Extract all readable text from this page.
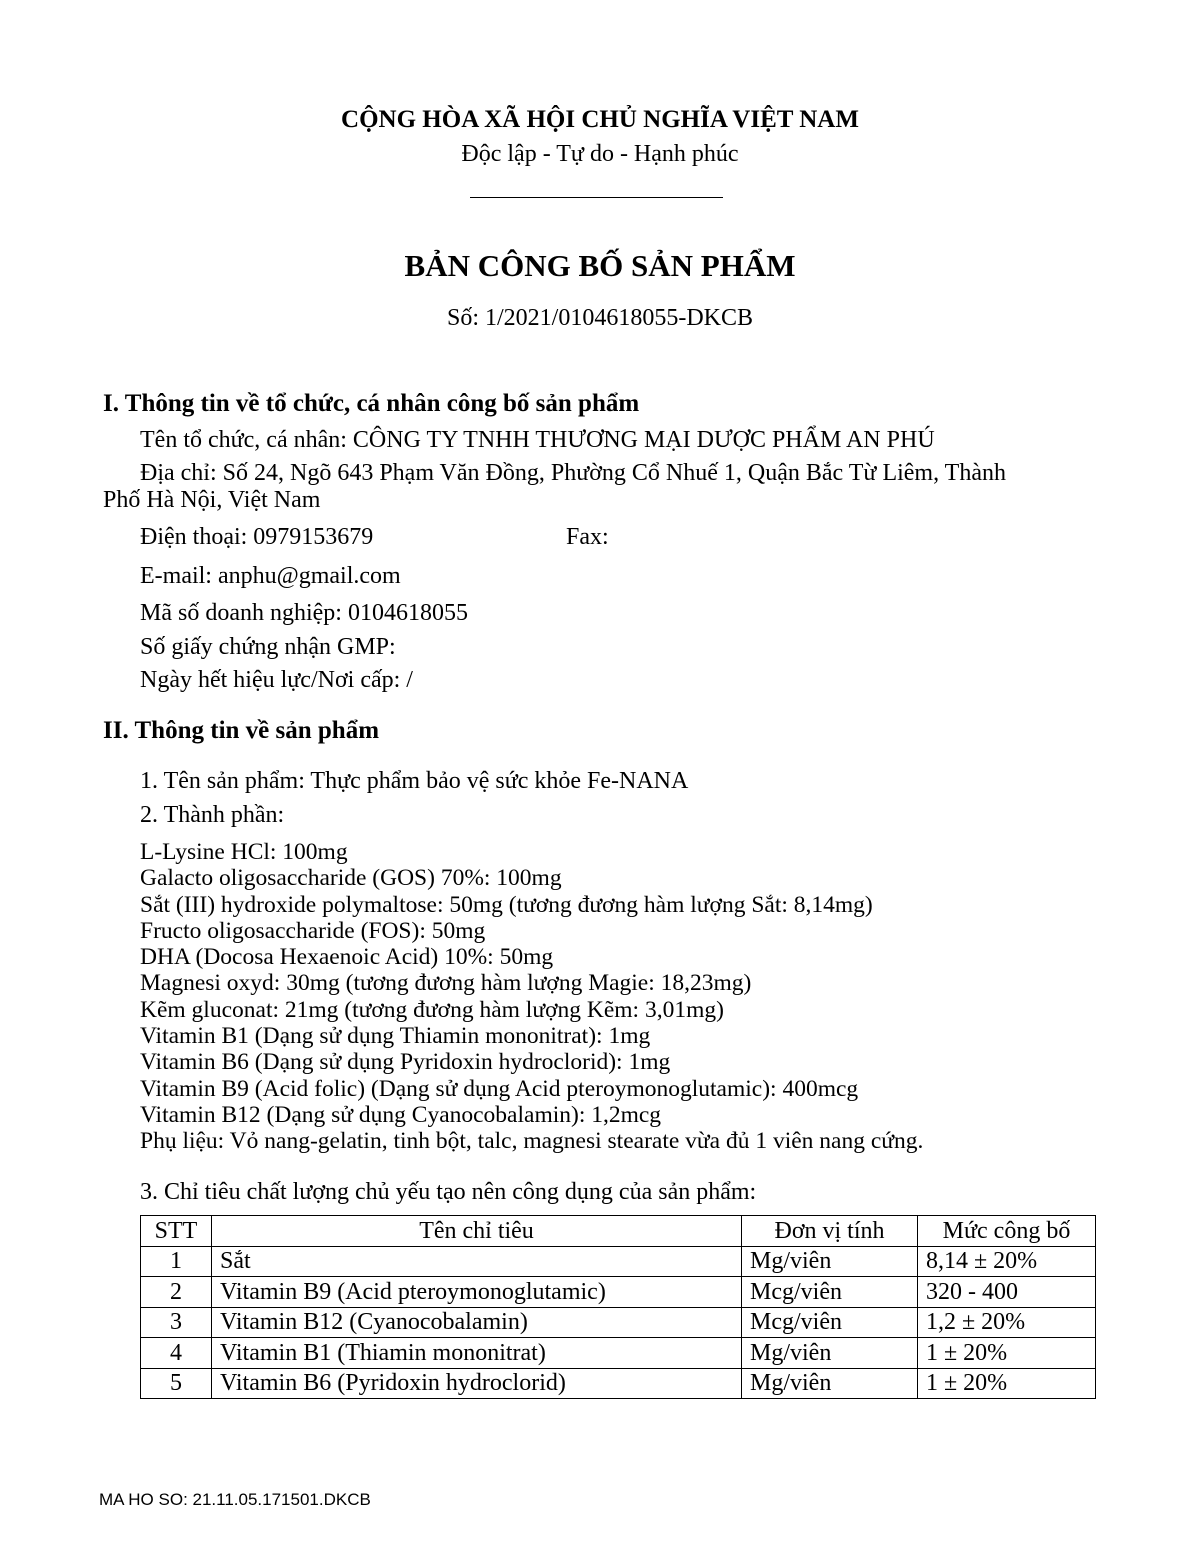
CỘNG HÒA XÃ HỘI CHỦ NGHĨA VIỆT NAM
Độc lập - Tự do - Hạnh phúc
BẢN CÔNG BỐ SẢN PHẨM
Số: 1/2021/0104618055-DKCB
I. Thông tin về tổ chức, cá nhân công bố sản phẩm
Tên tổ chức, cá nhân: CÔNG TY TNHH THƯƠNG MẠI DƯỢC PHẨM AN PHÚ
Địa chỉ: Số 24, Ngõ 643 Phạm Văn Đồng, Phường Cổ Nhuế 1, Quận Bắc Từ Liêm, Thành
Phố Hà Nội, Việt Nam
Điện thoại: 0979153679	Fax:
E-mail: anphu@gmail.com
Mã số doanh nghiệp: 0104618055
Số giấy chứng nhận GMP:
Ngày hết hiệu lực/Nơi cấp: /
II. Thông tin về sản phẩm
1. Tên sản phẩm: Thực phẩm bảo vệ sức khỏe Fe-NANA
2. Thành phần:
L-Lysine HCl: 100mg
Galacto oligosaccharide (GOS) 70%: 100mg
Sắt (III) hydroxide polymaltose: 50mg (tương đương hàm lượng Sắt: 8,14mg)
Fructo oligosaccharide (FOS): 50mg
DHA (Docosa Hexaenoic Acid) 10%: 50mg
Magnesi oxyd: 30mg (tương đương hàm lượng Magie: 18,23mg)
Kẽm gluconat: 21mg (tương đương hàm lượng Kẽm: 3,01mg)
Vitamin B1 (Dạng sử dụng Thiamin mononitrat): 1mg
Vitamin B6 (Dạng sử dụng Pyridoxin hydroclorid): 1mg
Vitamin B9 (Acid folic) (Dạng sử dụng Acid pteroymonoglutamic): 400mcg
Vitamin B12 (Dạng sử dụng Cyanocobalamin): 1,2mcg
Phụ liệu: Vỏ nang-gelatin, tinh bột, talc, magnesi stearate vừa đủ 1 viên nang cứng.
3. Chỉ tiêu chất lượng chủ yếu tạo nên công dụng của sản phẩm:
STT	Tên chỉ tiêu	Đơn vị tính	Mức công bố
1	Sắt	Mg/viên	8,14 ± 20%
2	Vitamin B9 (Acid pteroymonoglutamic)	Mcg/viên	320 - 400
3	Vitamin B12 (Cyanocobalamin)	Mcg/viên	1,2 ± 20%
4	Vitamin B1 (Thiamin mononitrat)	Mg/viên	1 ± 20%
5	Vitamin B6 (Pyridoxin hydroclorid)	Mg/viên	1 ± 20%
MA HO SO: 21.11.05.171501.DKCB
